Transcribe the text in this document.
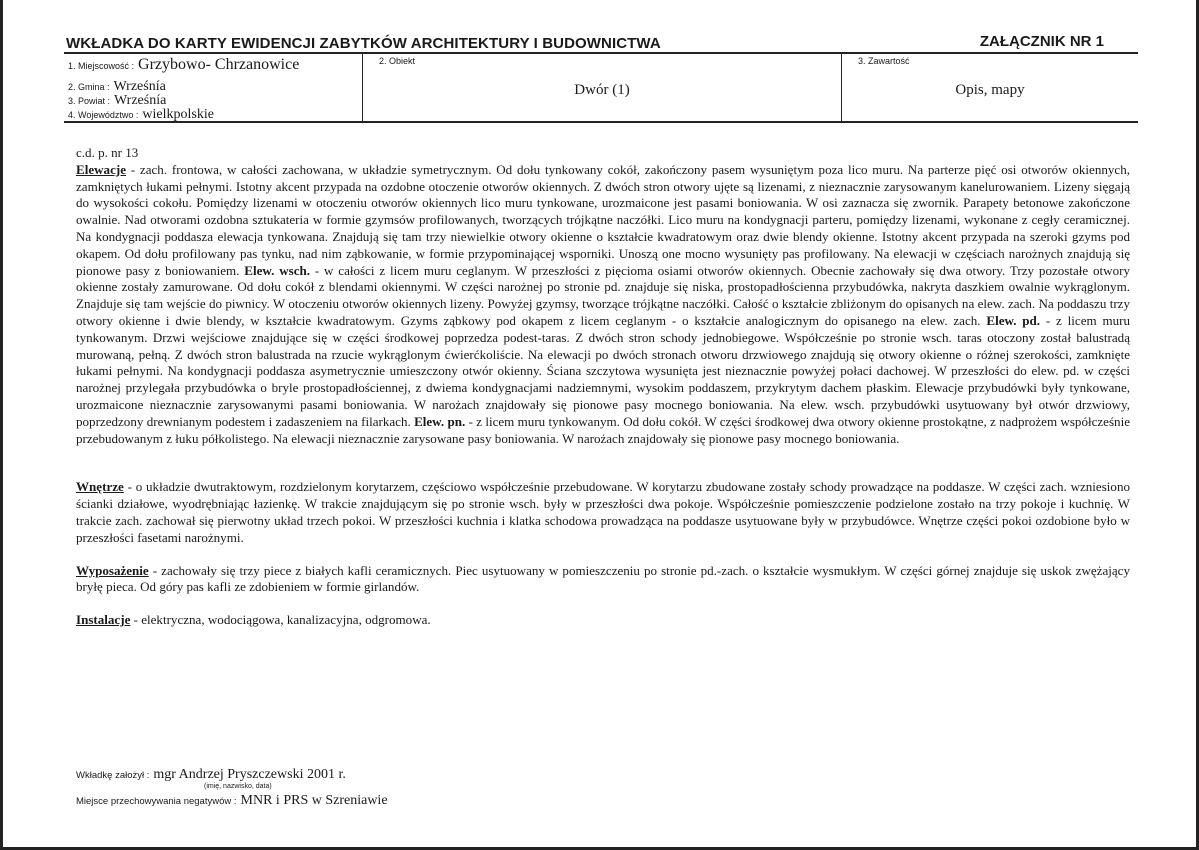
WKŁADKA DO KARTY EWIDENCJI ZABYTKÓW ARCHITEKTURY I BUDOWNICTWA	ZAŁĄCZNIK NR 1
1. Miejscowość : Grzybowo- Chrzanowice
2. Gmina : Wrześnía
3. Powiat : Wrześnía
4. Województwo : wielkpolskie
2. Obiekt
Dwór (1)
3. Zawartość
Opis, mapy

c.d. p. nr 13

Elewacje - zach. frontowa, w całości zachowana, w układzie symetrycznym. Od dołu tynkowany cokół, zakończony pasem wysuniętym poza lico muru. Na parterze pięć osi otworów okiennych, zamkniętych łukami pełnymi. Istotny akcent przypada na ozdobne otoczenie otworów okiennych. Z dwóch stron otwory ujęte są lizenami, z nieznacznie zarysowanym kanelurowaniem. Lizeny sięgają do wysokości cokołu. Pomiędzy lizenami w otoczeniu otworów okiennych lico muru tynkowane, urozmaicone jest pasami boniowania. W osi zaznacza się zwornik. Parapety betonowe zakończone owalnie. Nad otworami ozdobna sztukateria w formie gzymsów profilowanych, tworzących trójkątne naczółki. Lico muru na kondygnacji parteru, pomiędzy lizenami, wykonane z cegły ceramicznej. Na kondygnacji poddasza elewacja tynkowana. Znajdują się tam trzy niewielkie otwory okienne o kształcie kwadratowym oraz dwie blendy okienne. Istotny akcent przypada na szeroki gzyms pod okapem. Od dołu profilowany pas tynku, nad nim ząbkowanie, w formie przypominającej wsporniki. Unoszą one mocno wysunięty pas profilowany. Na elewacji w częściach narożnych znajdują się pionowe pasy z boniowaniem. Elew. wsch. - w całości z licem muru ceglanym. W przeszłości z pięcioma osiami otworów okiennych. Obecnie zachowały się dwa otwory. Trzy pozostałe otwory okienne zostały zamurowane. Od dołu cokół z blendami okiennymi. W części narożnej po stronie pd. znajduje się niska, prostopadłościenna przybudówka, nakryta daszkiem owalnie wykrąglonym. Znajduje się tam wejście do piwnicy. W otoczeniu otworów okiennych lizeny. Powyżej gzymsy, tworzące trójkątne naczółki. Całość o kształcie zbliżonym do opisanych na elew. zach. Na poddaszu trzy otwory okienne i dwie blendy, w kształcie kwadratowym. Gzyms ząbkowy pod okapem z licem ceglanym - o kształcie analogicznym do opisanego na elew. zach. Elew. pd. - z licem muru tynkowanym. Drzwi wejściowe znajdujące się w części środkowej poprzedza podest-taras. Z dwóch stron schody jednobiegowe. Współcześnie po stronie wsch. taras otoczony został balustradą murowaną, pełną. Z dwóch stron balustrada na rzucie wykrąglonym ćwierćkoliście. Na elewacji po dwóch stronach otworu drzwiowego znajdują się otwory okienne o różnej szerokości, zamknięte łukami pełnymi. Na kondygnacji poddasza asymetrycznie umieszczony otwór okienny. Ściana szczytowa wysunięta jest nieznacznie powyżej połaci dachowej. W przeszłości do elew. pd. w części narożnej przylegała przybudówka o bryle prostopadłościennej, z dwiema kondygnacjami nadziemnymi, wysokim poddaszem, przykrytym dachem płaskim. Elewacje przybudówki były tynkowane, urozmaicone nieznacznie zarysowanymi pasami boniowania. W narożach znajdowały się pionowe pasy mocnego boniowania. Na elew. wsch. przybudówki usytuowany był otwór drzwiowy, poprzedzony drewnianym podestem i zadaszeniem na filarkach. Elew. pn. - z licem muru tynkowanym. Od dołu cokół. W części środkowej dwa otwory okienne prostokątne, z nadprożem współcześnie przebudowanym z łuku półkolistego. Na elewacji nieznacznie zarysowane pasy boniowania. W narożach znajdowały się pionowe pasy mocnego boniowania.

Wnętrze - o układzie dwutraktowym, rozdzielonym korytarzem, częściowo współcześnie przebudowane. W korytarzu zbudowane zostały schody prowadzące na poddasze. W części zach. wzniesiono ścianki działowe, wyodrębniając łazienkę. W trakcie znajdującym się po stronie wsch. były w przeszłości dwa pokoje. Współcześnie pomieszczenie podzielone zostało na trzy pokoje i kuchnię. W trakcie zach. zachował się pierwotny układ trzech pokoi. W przeszłości kuchnia i klatka schodowa prowadząca na poddasze usytuowane były w przybudówce. Wnętrze części pokoi ozdobione było w przeszłości fasetami narożnymi.

Wyposażenie - zachowały się trzy piece z białych kafli ceramicznych. Piec usytuowany w pomieszczeniu po stronie pd.-zach. o kształcie wysmukłym. W części górnej znajduje się uskok zwężający bryłę pieca. Od góry pas kafli ze zdobieniem w formie girlandów.

Instalacje - elektryczna, wodociągowa, kanalizacyjna, odgromowa.

Wkładkę założył : mgr Andrzej Pryszczewski 2001 r.
(imię, nazwisko, data)
Miejsce przechowywania negatywów : MNR i PRS w Szreniawie
